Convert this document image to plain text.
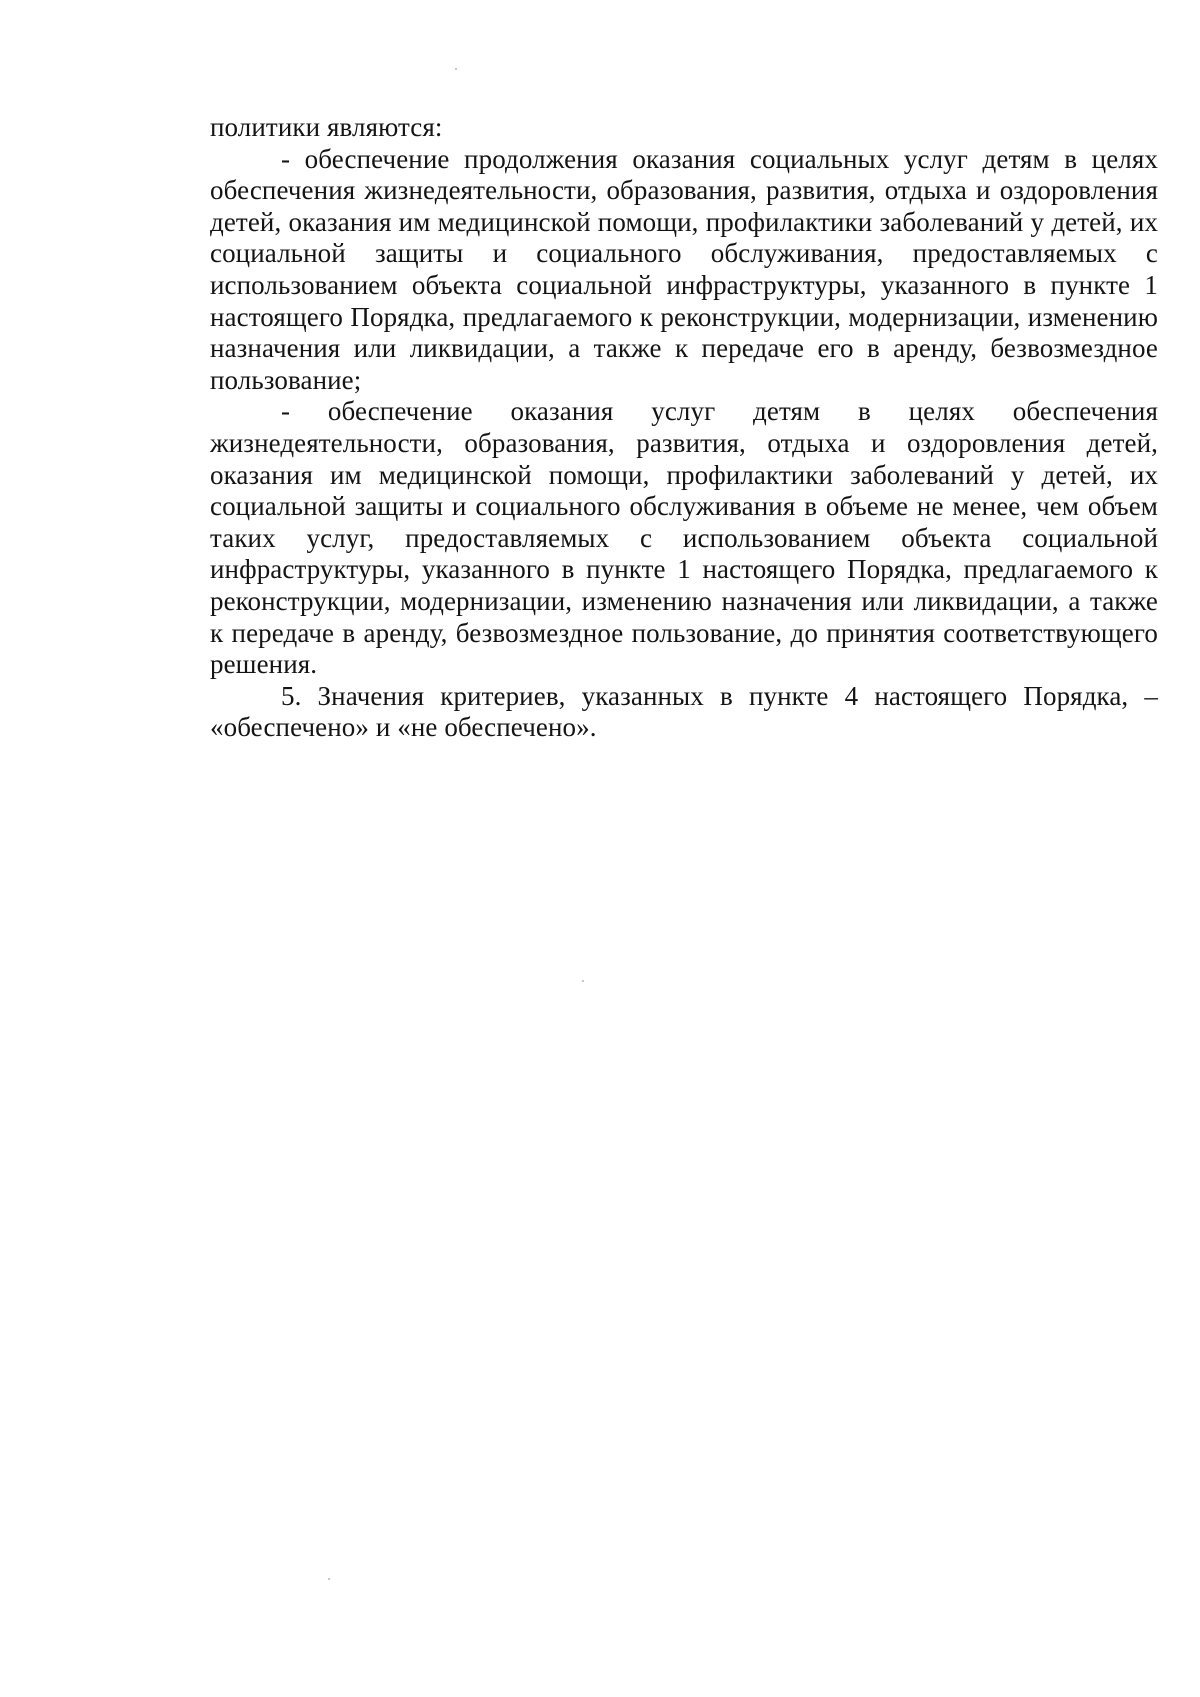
политики являются:

- обеспечение продолжения оказания социальных услуг детям в целях обеспечения жизнедеятельности, образования, развития, отдыха и оздоровления детей, оказания им медицинской помощи, профилактики заболеваний у детей, их социальной защиты и социального обслуживания, предоставляемых с использованием объекта социальной инфраструктуры, указанного в пункте 1 настоящего Порядка, предлагаемого к реконструкции, модернизации, изменению назначения или ликвидации, а также к передаче его в аренду, безвозмездное пользование;

- обеспечение оказания услуг детям в целях обеспечения жизнедеятельности, образования, развития, отдыха и оздоровления детей, оказания им медицинской помощи, профилактики заболеваний у детей, их социальной защиты и социального обслуживания в объеме не менее, чем объем таких услуг, предоставляемых с использованием объекта социальной инфраструктуры, указанного в пункте 1 настоящего Порядка, предлагаемого к реконструкции, модернизации, изменению назначения или ликвидации, а также к передаче в аренду, безвозмездное пользование, до принятия соответствующего решения.

5. Значения критериев, указанных в пункте 4 настоящего Порядка, – «обеспечено» и «не обеспечено».
